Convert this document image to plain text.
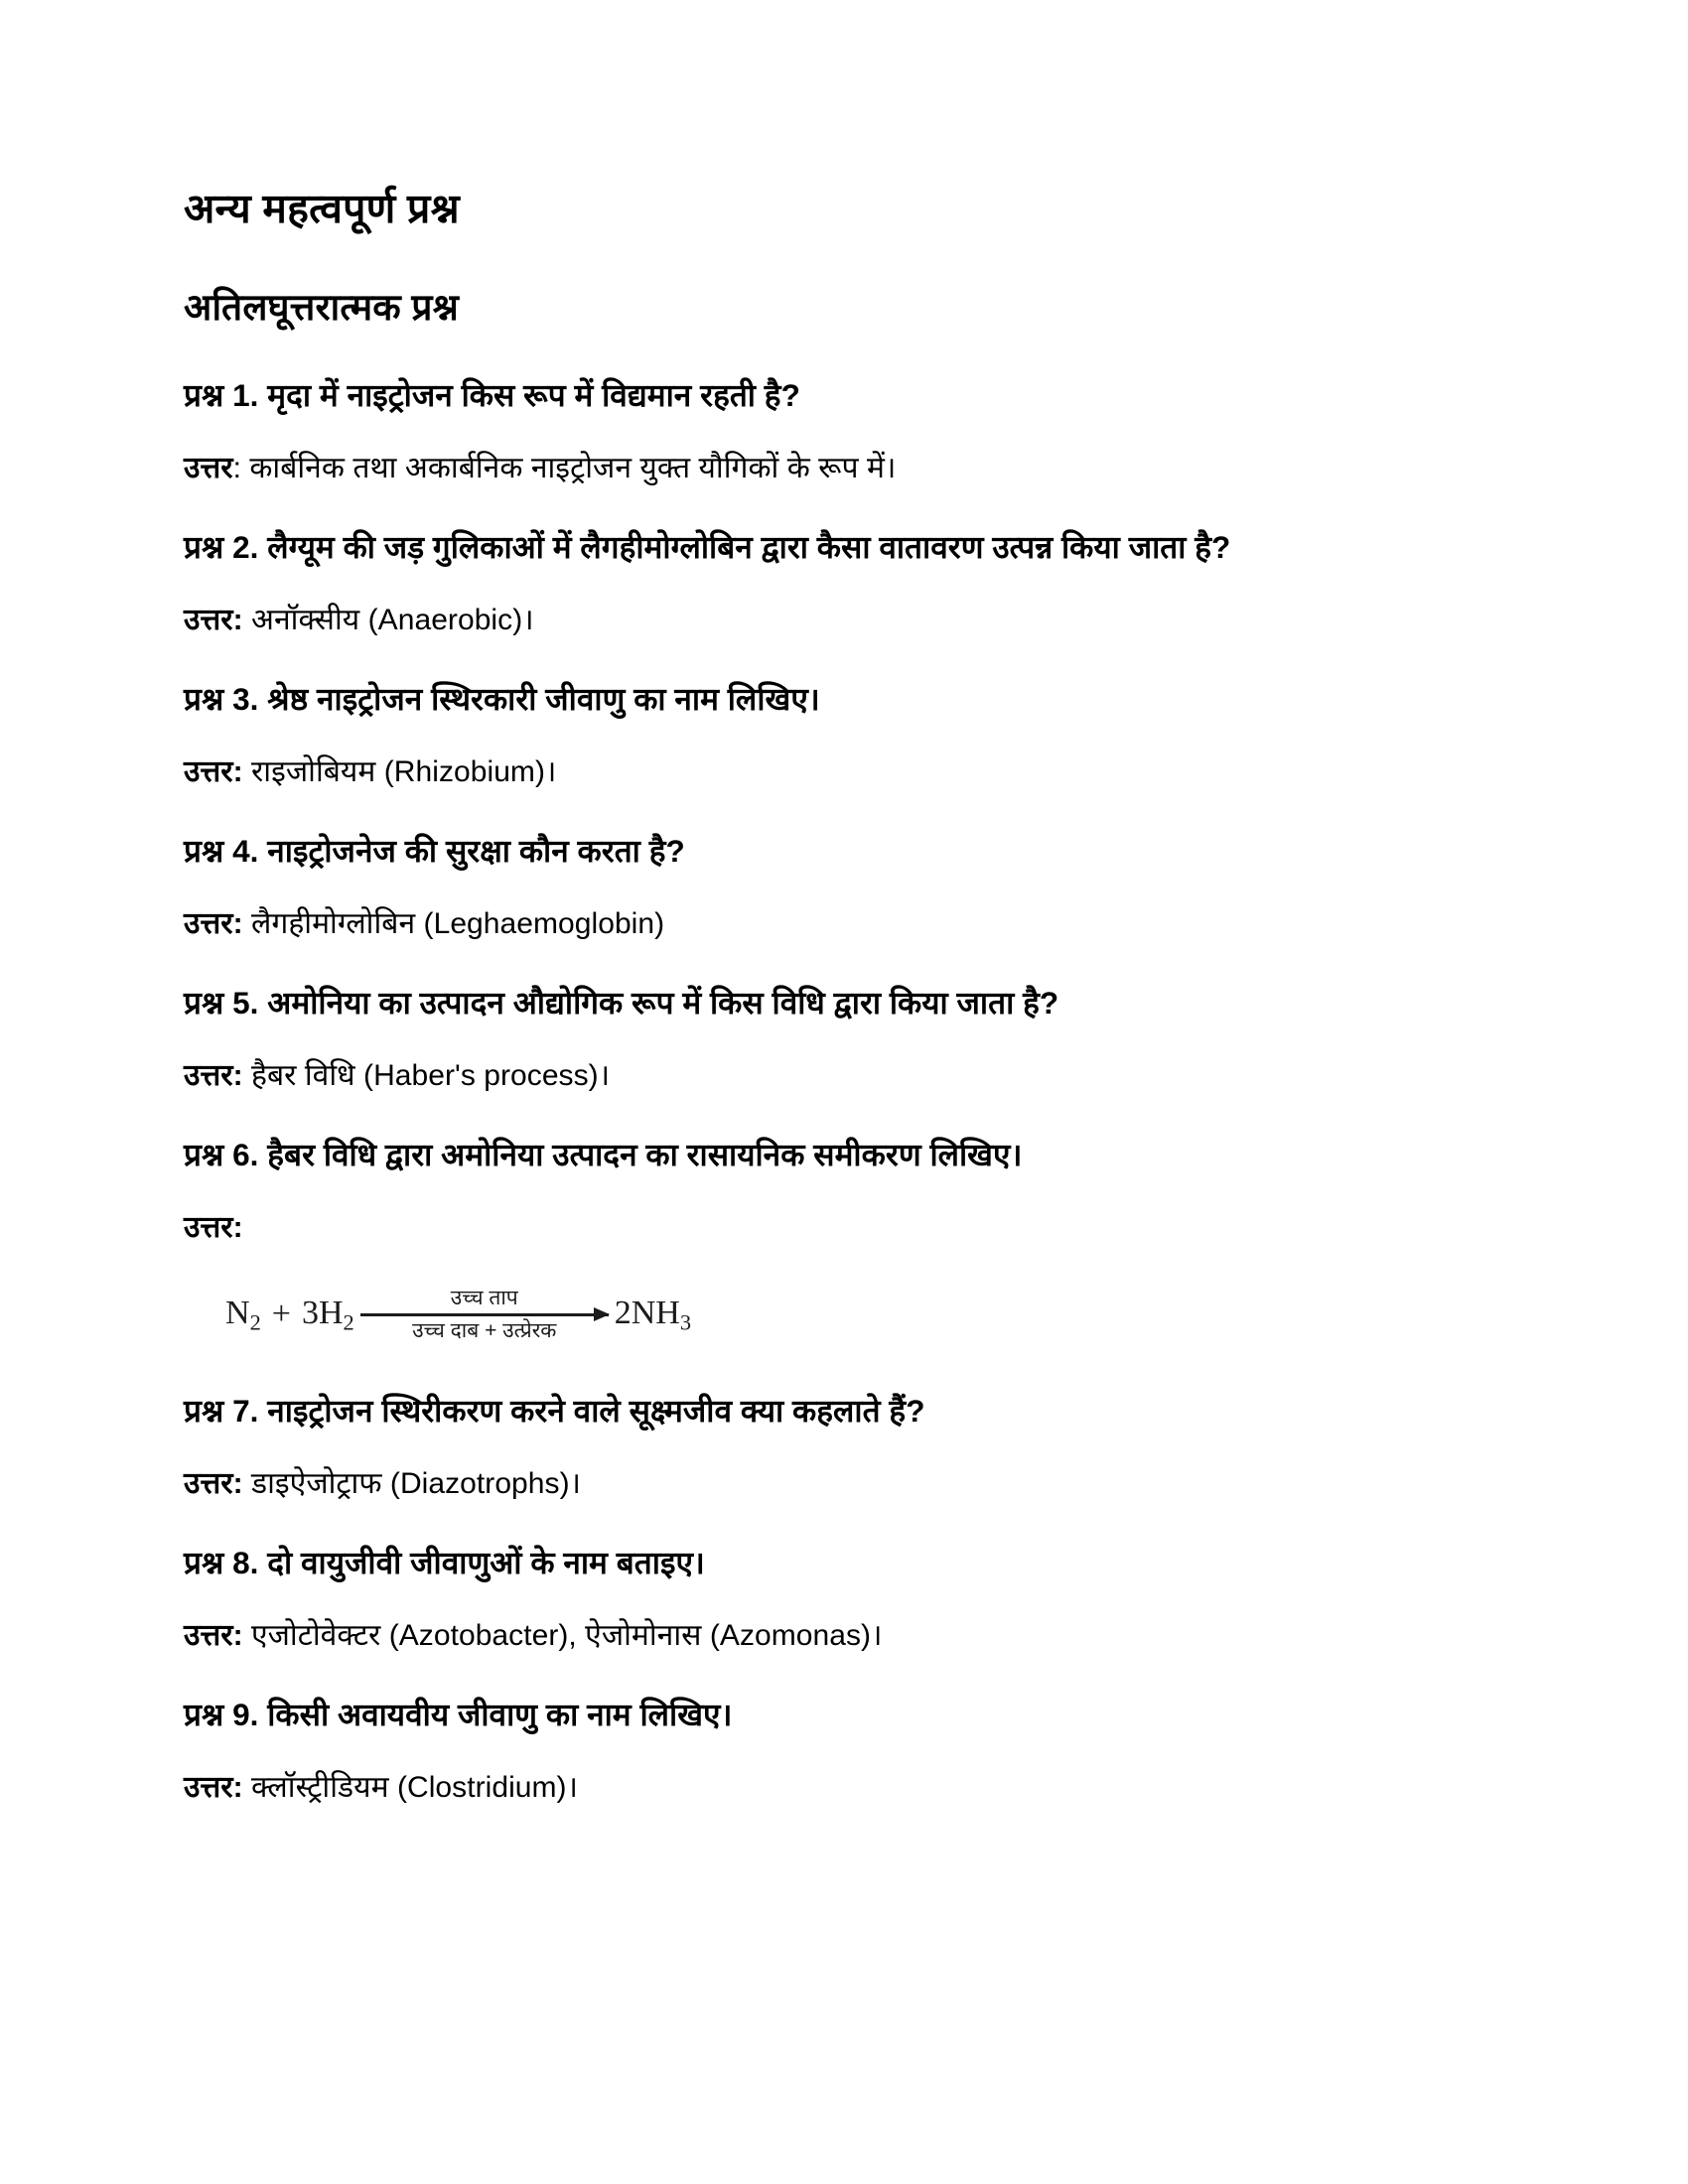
अन्य महत्वपूर्ण प्रश्न
अतिलघूत्तरात्मक प्रश्न

प्रश्न 1. मृदा में नाइट्रोजन किस रूप में विद्यमान रहती है?

उत्तर: कार्बनिक तथा अकार्बनिक नाइट्रोजन युक्त यौगिकों के रूप में।

प्रश्न 2. लैग्यूम की जड़ गुलिकाओं में लैगहीमोग्लोबिन द्वारा कैसा वातावरण उत्पन्न किया जाता है?

उत्तर: अनॉक्सीय (Anaerobic)।

प्रश्न 3. श्रेष्ठ नाइट्रोजन स्थिरकारी जीवाणु का नाम लिखिए।

उत्तर: राइजोबियम (Rhizobium)।

प्रश्न 4. नाइट्रोजनेज की सुरक्षा कौन करता है?

उत्तर: लैगहीमोग्लोबिन (Leghaemoglobin)

प्रश्न 5. अमोनिया का उत्पादन औद्योगिक रूप में किस विधि द्वारा किया जाता है?

उत्तर: हैबर विधि (Haber's process)।

प्रश्न 6. हैबर विधि द्वारा अमोनिया उत्पादन का रासायनिक समीकरण लिखिए।

उत्तर:

$N_2 + 3H_2$
उच्च ताप
उच्च दाब + उत्प्रेरक	$2NH_3$

प्रश्न 7. नाइट्रोजन स्थिरीकरण करने वाले सूक्ष्मजीव क्या कहलाते हैं?

उत्तर: डाइऐजोट्राफ (Diazotrophs)।

प्रश्न 8. दो वायुजीवी जीवाणुओं के नाम बताइए।

उत्तर: एजोटोवेक्टर (Azotobacter), ऐजोमोनास (Azomonas)।

प्रश्न 9. किसी अवायवीय जीवाणु का नाम लिखिए।

उत्तर: क्लॉस्ट्रीडियम (Clostridium)।
